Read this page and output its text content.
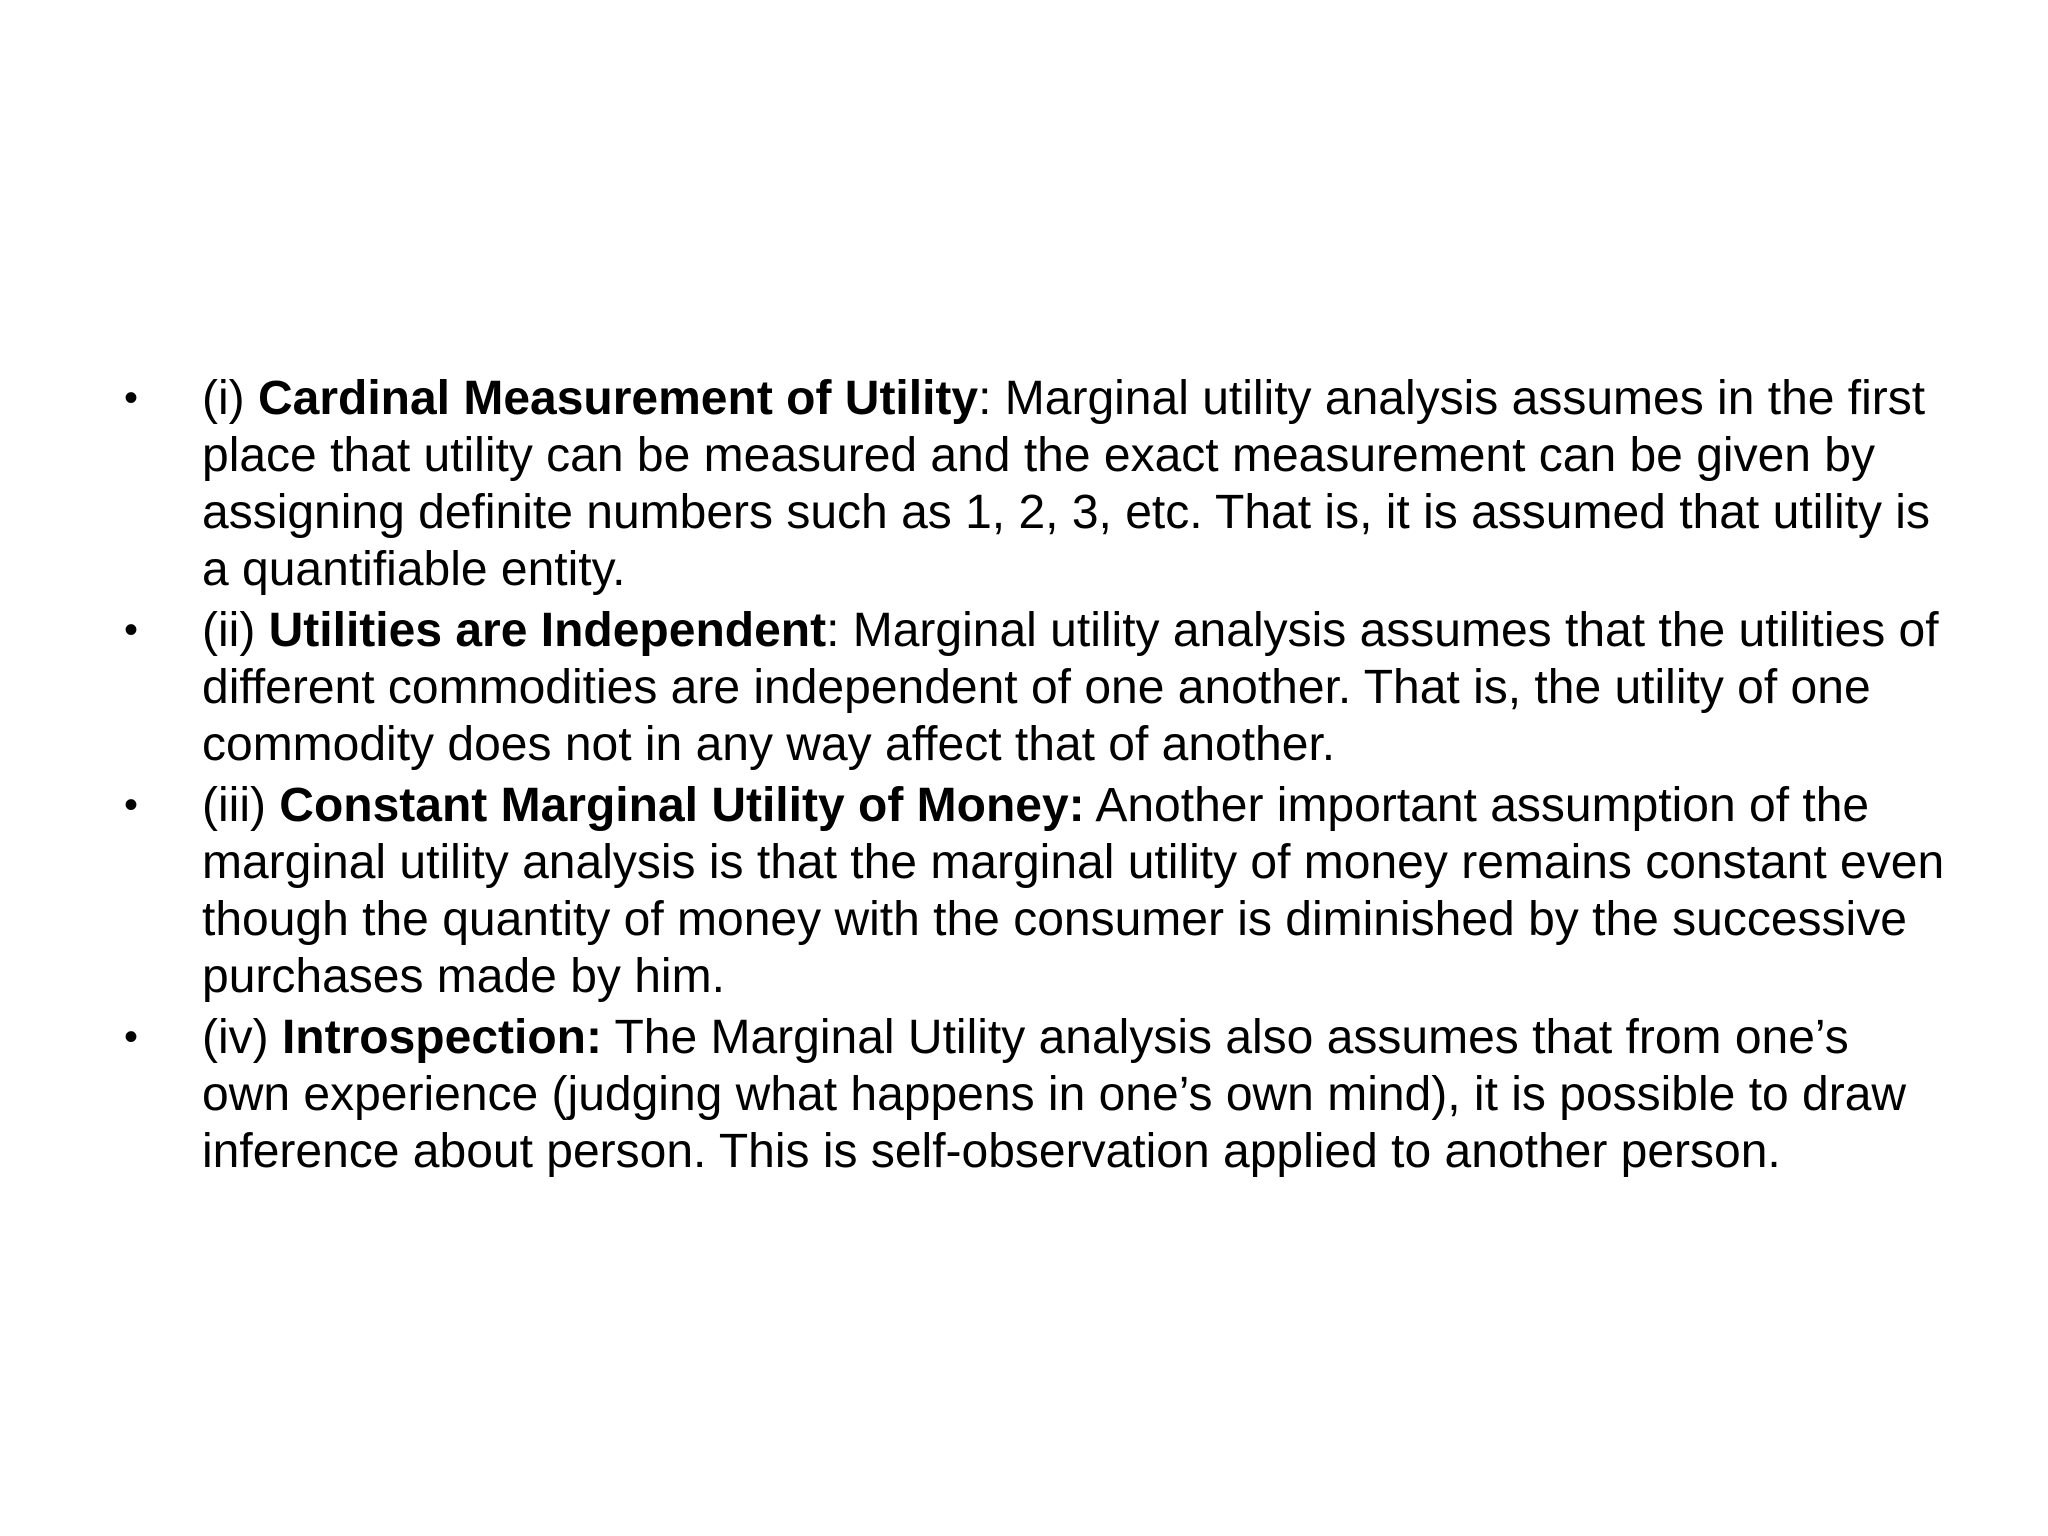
• (i) Cardinal Measurement of Utility: Marginal utility analysis assumes in the first place that utility can be measured and the exact measurement can be given by assigning definite numbers such as 1, 2, 3, etc. That is, it is assumed that utility is a quantifiable entity.
• (ii) Utilities are Independent: Marginal utility analysis assumes that the utilities of different commodities are independent of one another. That is, the utility of one commodity does not in any way affect that of another.
• (iii) Constant Marginal Utility of Money: Another important assumption of the marginal utility analysis is that the marginal utility of money remains constant even though the quantity of money with the consumer is diminished by the successive purchases made by him.
• (iv) Introspection: The Marginal Utility analysis also assumes that from one’s own experience (judging what happens in one’s own mind), it is possible to draw inference about person. This is self-observation applied to another person.
